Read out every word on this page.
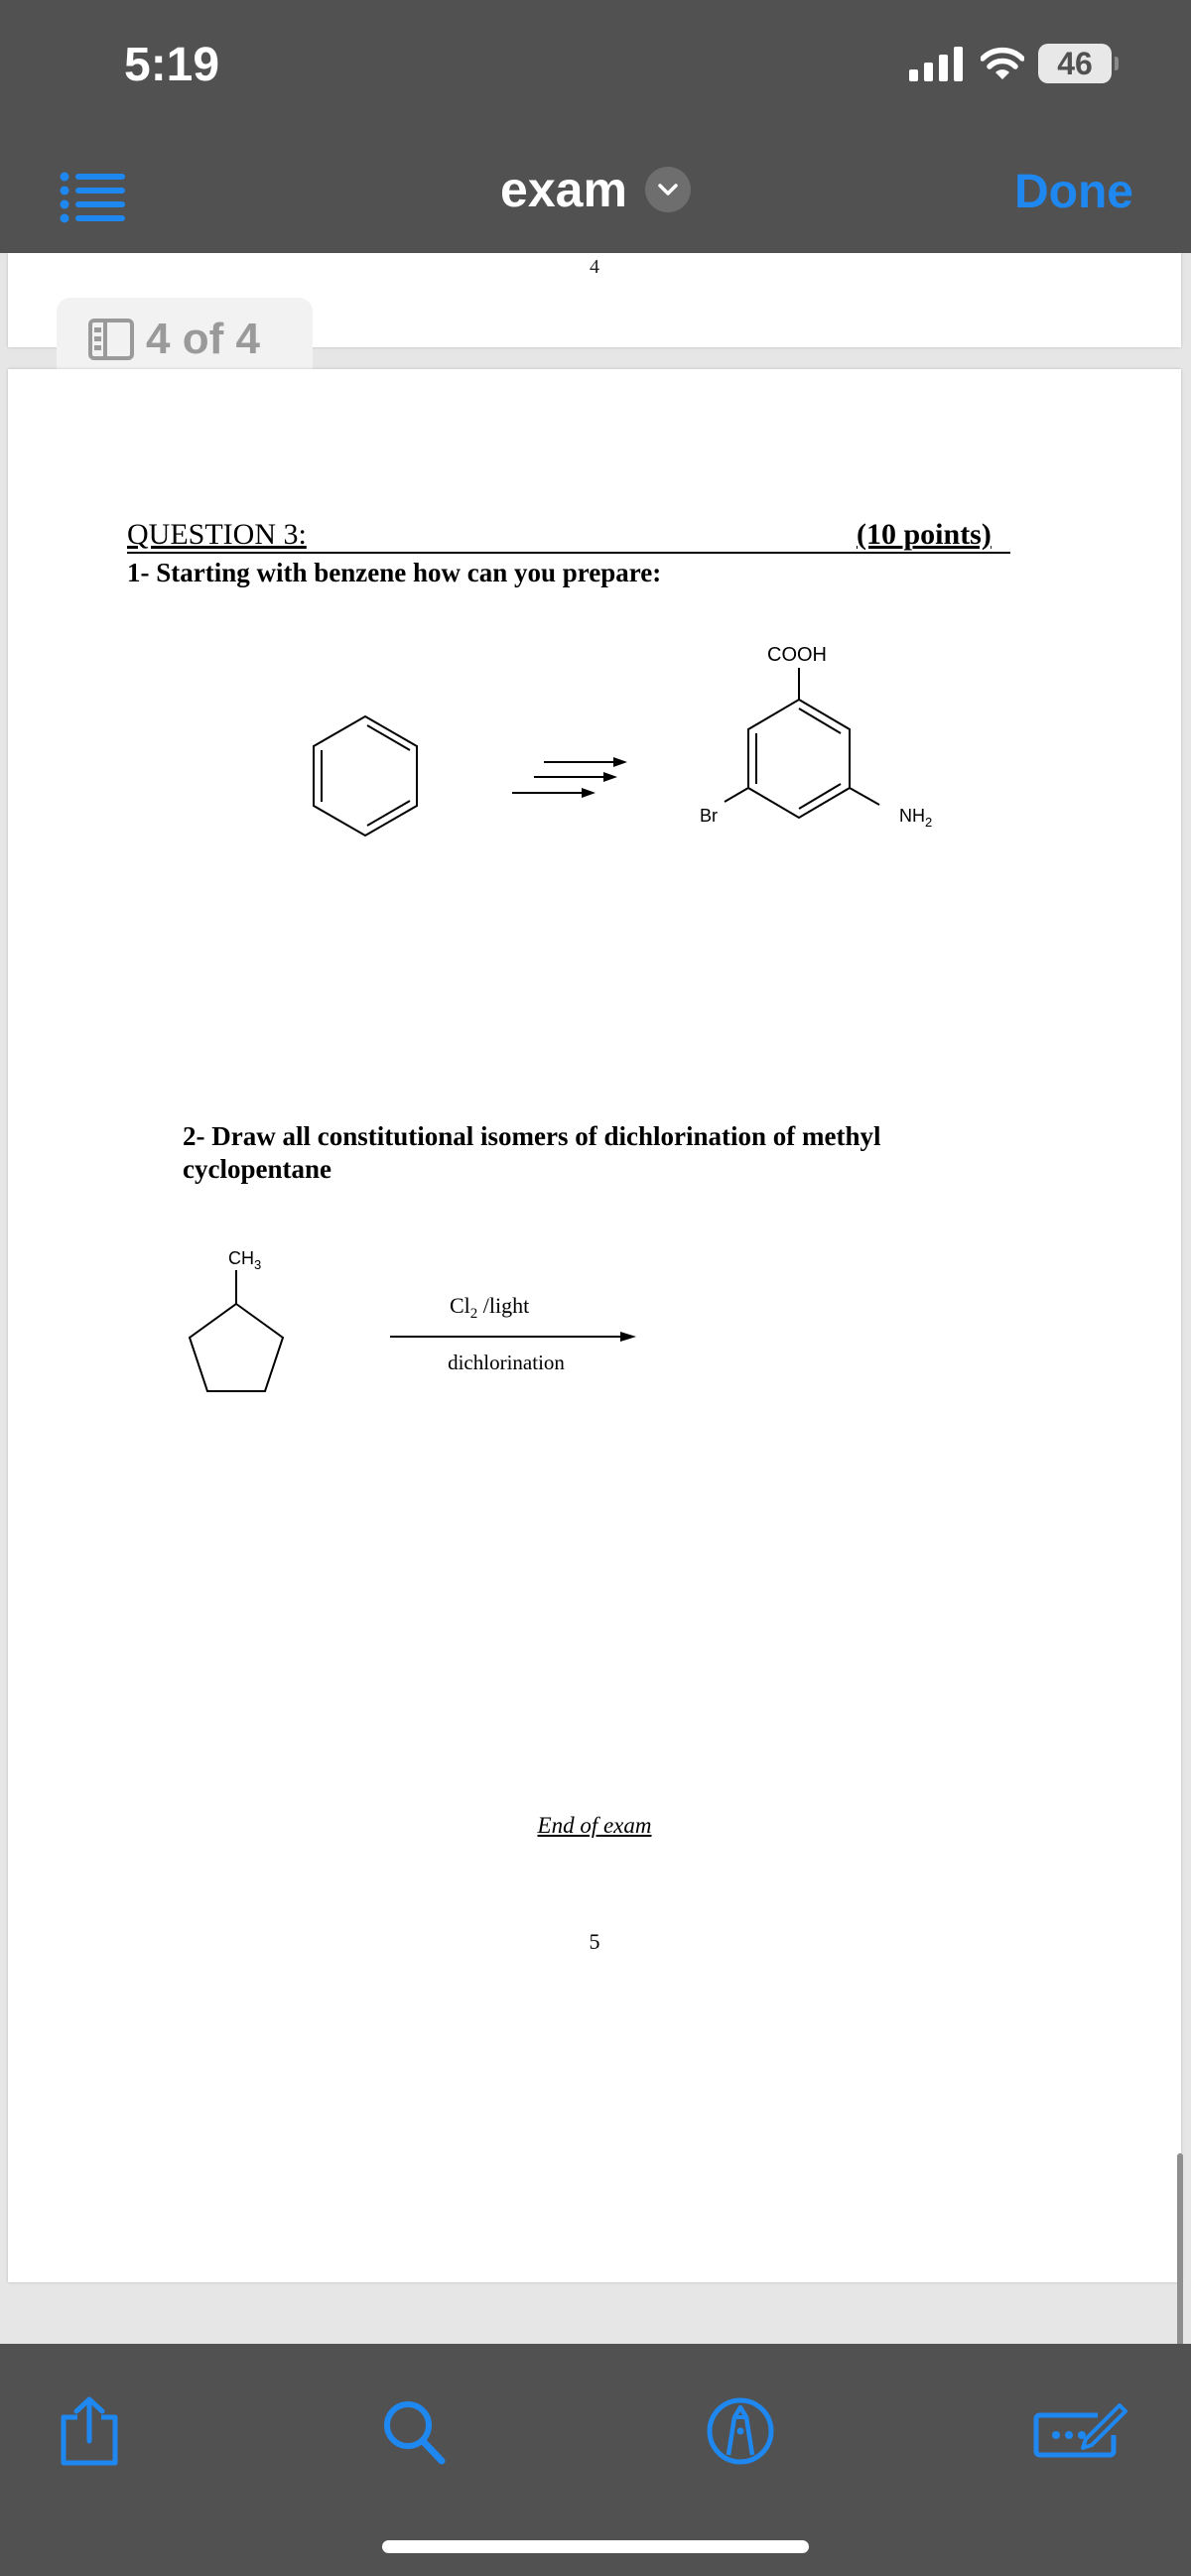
5:19	46
exam	Done
4
4 of 4
QUESTION 3:	(10 points)
1- Starting with benzene how can you prepare:
COOH
Br	$NH_2$
2- Draw all constitutional isomers of dichlorination of methyl cyclopentane
$CH_3$
$Cl_2$ /light
dichlorination
End of exam
5
